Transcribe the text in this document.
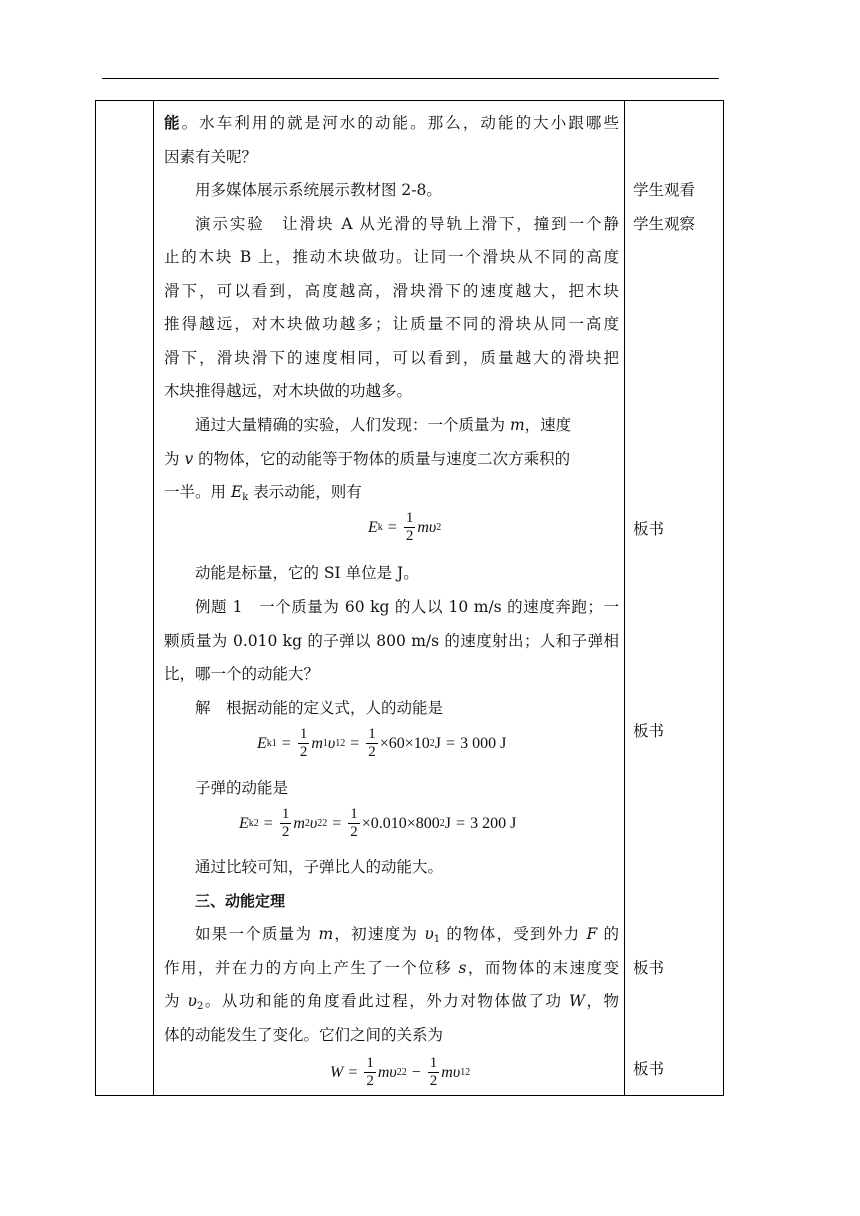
能。水车利用的就是河水的动能。那么，动能的大小跟哪些
因素有关呢？
用多媒体展示系统展示教材图 2-8。
演示实验　让滑块 A 从光滑的导轨上滑下，撞到一个静
止的木块 B 上，推动木块做功。让同一个滑块从不同的高度
滑下，可以看到，高度越高，滑块滑下的速度越大，把木块
推得越远，对木块做功越多；让质量不同的滑块从同一高度
滑下，滑块滑下的速度相同，可以看到，质量越大的滑块把
木块推得越远，对木块做的功越多。
通过大量精确的实验，人们发现：一个质量为 m，速度
为 v 的物体，它的动能等于物体的质量与速度二次方乘积的
一半。用 $E_k$ 表示动能，则有
E $k = \frac{1}{2}$ mυ 2
动能是标量，它的 SI 单位是 J。
例题 1　一个质量为 60 kg 的人以 10 m/s 的速度奔跑；一
颗质量为 0.010 kg 的子弹以 800 m/s 的速度射出；人和子弹相
比，哪一个的动能大？
解　根据动能的定义式，人的动能是
E $k1 = \frac{1}{2}$ m 1 υ 1 $2 = \frac{1}{2} \times 60\times 10$ 2 J = 3 000 J
子弹的动能是
E $k2 = \frac{1}{2}$ m 2 υ 2 $2 = \frac{1}{2} \times 0.010\times 800$ 2 J = 3 200 J
通过比较可知，子弹比人的动能大。
三、动能定理
如果一个质量为 m，初速度为 $\upsilon_1$ 的物体，受到外力 F 的
作用，并在力的方向上产生了一个位移 s，而物体的末速度变
为 $\upsilon_2$。从功和能的角度看此过程，外力对物体做了功 W，物
体的动能发生了变化。它们之间的关系为
$W = \frac{1}{2}$ mυ 2 $2 - \frac{1}{2}$ mυ 1 2
学生观看
学生观察
板书
板书
板书
板书
